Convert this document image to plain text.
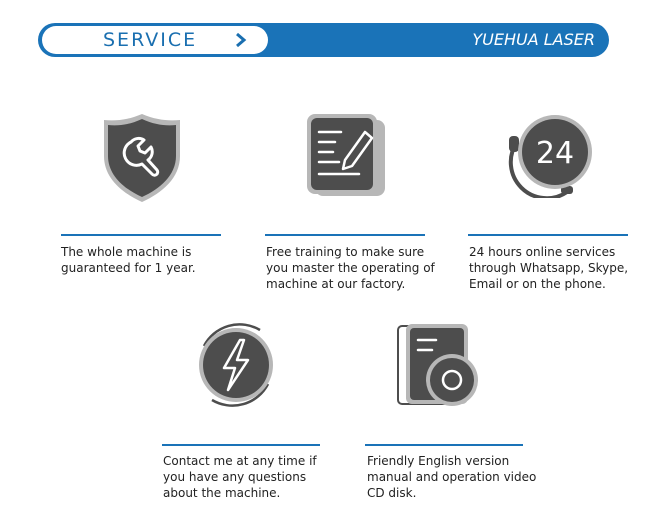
SERVICE	YUEHUA LASER
The whole machine is guaranteed for 1 year.
Free training to make sure you master the operating of machine at our factory.
24
24 hours online services through Whatsapp, Skype, Email or on the phone.
Contact me at any time if you have any questions about the machine.
Friendly English version manual and operation video CD disk.
